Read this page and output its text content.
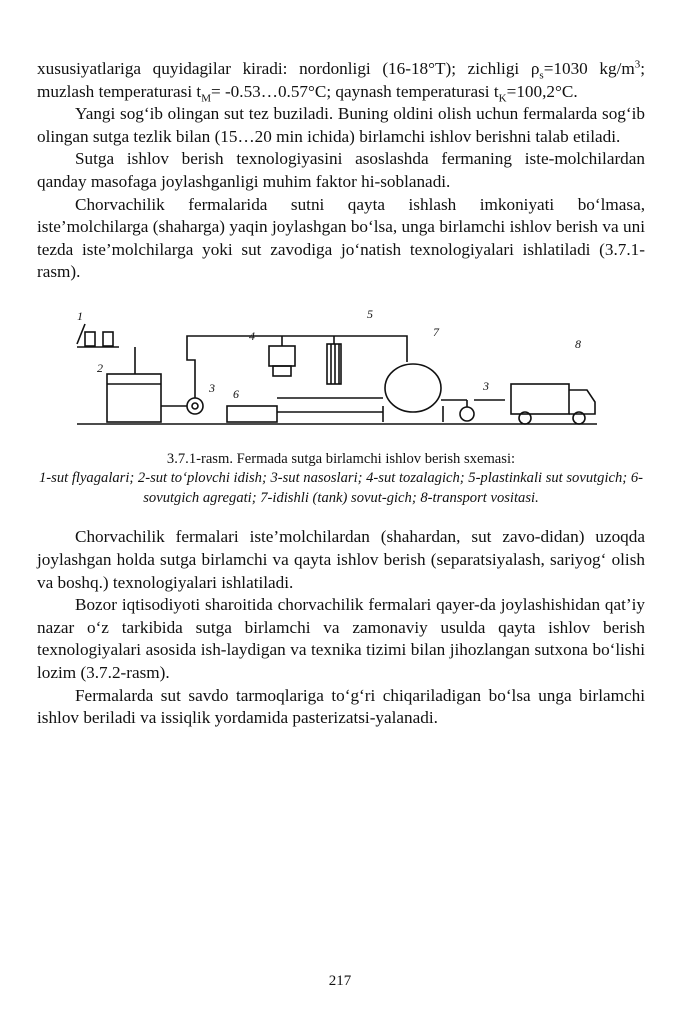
xususiyatlariga quyidagilar kiradi: nordonligi (16-18°T); zichligi $\rho_s=1030$ $kg/m^3$; muzlash temperaturasi $t_M=$ -0.53…0.57°C; qaynash temperaturasi $t_K=100,2^\circ C$.

Yangi sog‘ib olingan sut tez buziladi. Buning oldini olish uchun fermalarda sog‘ib olingan sutga tezlik bilan (15…20 min ichida) birlamchi ishlov berishni talab etiladi.

Sutga ishlov berish texnologiyasini asoslashda fermaning iste-molchilardan qanday masofaga joylashganligi muhim faktor hi-soblanadi.

Chorvachilik fermalarida sutni qayta ishlash imkoniyati bo‘lmasa, iste’molchilarga (shaharga) yaqin joylashgan bo‘lsa, unga birlamchi ishlov berish va uni tezda iste’molchilarga yoki sut zavodiga jo‘natish texnologiyalari ishlatiladi (3.7.1-rasm).

1
2
3
4
5
6
7
3
8
3.7.1-rasm. Fermada sutga birlamchi ishlov berish sxemasi:
1-sut flyagalari; 2-sut to‘plovchi idish; 3-sut nasoslari; 4-sut tozalagich; 5-plastinkali sut sovutgich; 6-sovutgich agregati; 7-idishli (tank) sovut-gich; 8-transport vositasi.

Chorvachilik fermalari iste’molchilardan (shahardan, sut zavo-didan) uzoqda joylashgan holda sutga birlamchi va qayta ishlov berish (separatsiyalash, sariyog‘ olish va boshq.) texnologiyalari ishlatiladi.

Bozor iqtisodiyoti sharoitida chorvachilik fermalari qayer-da joylashishidan qat’iy nazar o‘z tarkibida sutga birlamchi va zamonaviy usulda qayta ishlov berish texnologiyalari asosida ish-laydigan va texnika tizimi bilan jihozlangan sutxona bo‘lishi lozim (3.7.2-rasm).

Fermalarda sut savdo tarmoqlariga to‘g‘ri chiqariladigan bo‘lsa unga birlamchi ishlov beriladi va issiqlik yordamida pasterizatsi-yalanadi.

217
